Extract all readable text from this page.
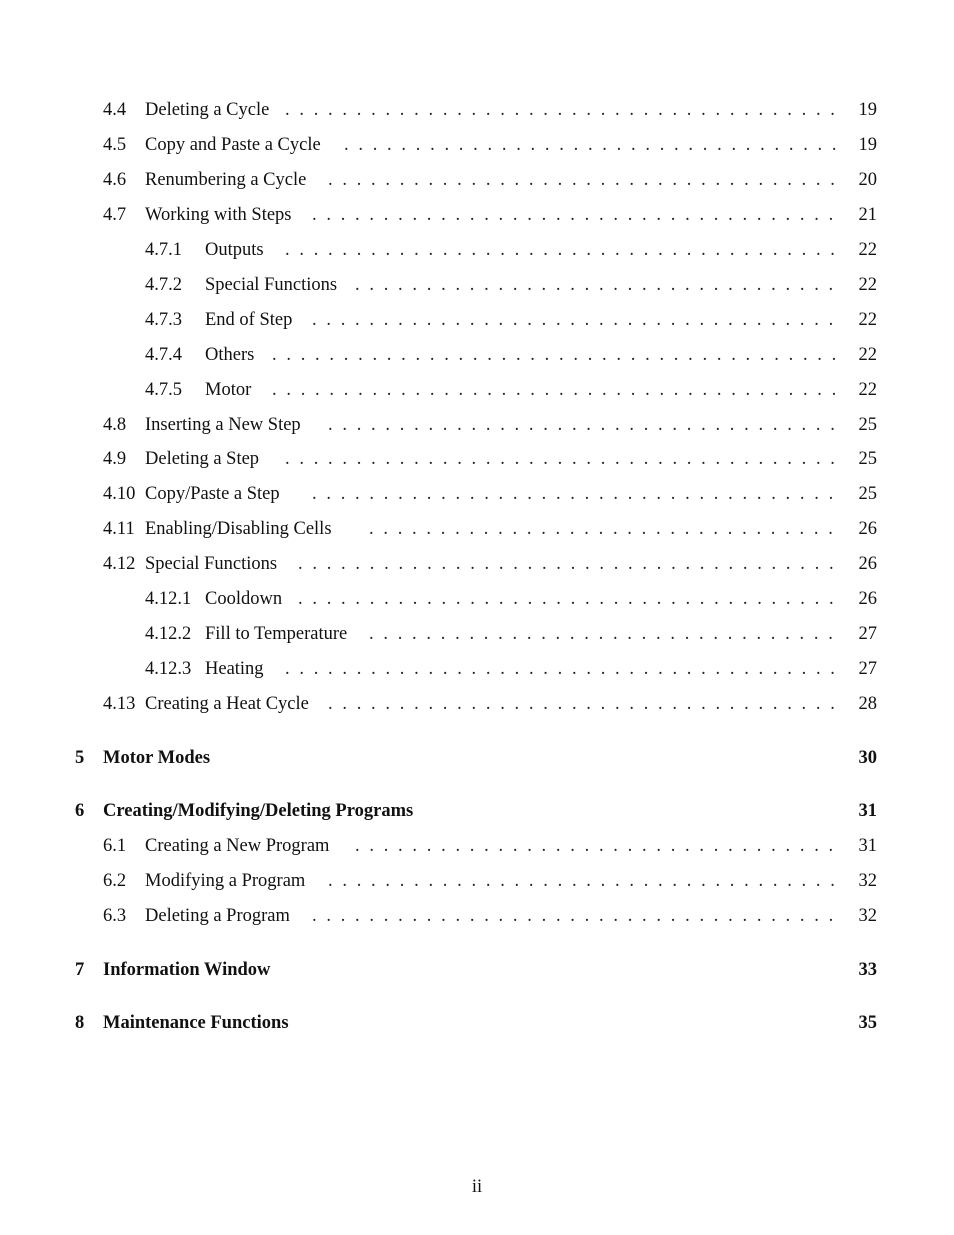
4.4 . . . Deleting a Cycle	19
4.5 . . . Copy and Paste a Cycle	19
4.6 . . . Renumbering a Cycle	20
4.7 . . . Working with Steps	21
4.7.1 . . . Outputs	22
4.7.2 . . . Special Functions	22
4.7.3 . . . End of Step	22
4.7.4 . . . Others	22
4.7.5 . . . Motor	22
4.8 . . . Inserting a New Step	25
4.9 . . . Deleting a Step	25
4.10 . . . Copy/Paste a Step	25
4.11 . . . Enabling/Disabling Cells	26
4.12 . . . Special Functions	26
4.12.1 . . . Cooldown	26
4.12.2 . . . Fill to Temperature	27
4.12.3 . . . Heating	27
4.13 . . . Creating a Heat Cycle	28
5 Motor Modes	30
6 Creating/Modifying/Deleting Programs	31
6.1 . . . Creating a New Program	31
6.2 . . . Modifying a Program	32
6.3 . . . Deleting a Program	32
7 Information Window	33
8 Maintenance Functions	35
ii
